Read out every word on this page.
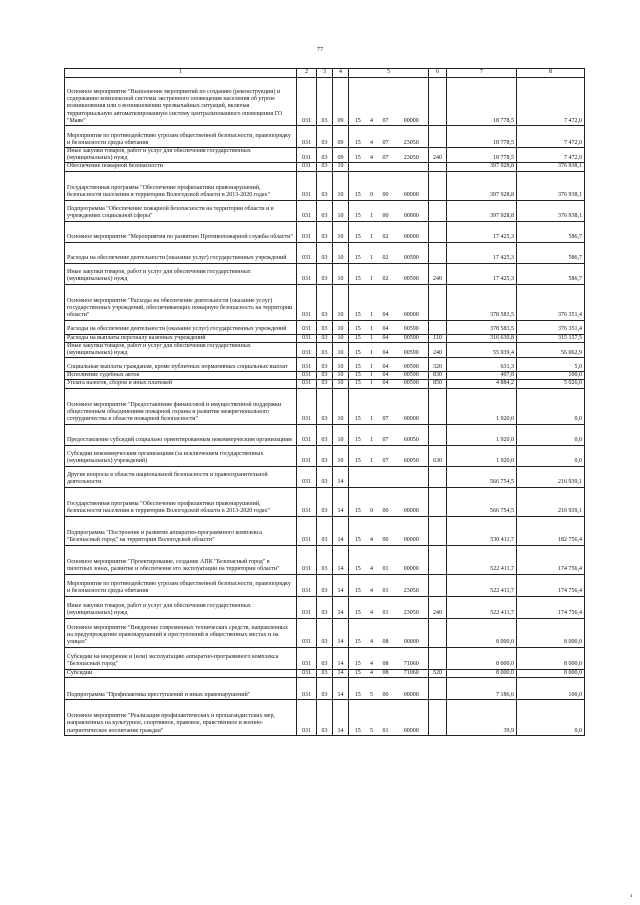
77
1	2	3	4	5				6	7	8
Основное мероприятие "Выполнение мероприятий по созданию (реконструкции) и содержанию комплексной системы экстренного оповещения населения об угрозе возникновения или о возникновении чрезвычайных ситуаций, включая территориальную автоматизированную систему централизованного оповещения ГО "Маяк"	031	03	09	15	4	07	00000		18 778,5	7 472,0
Мероприятия по противодействию угрозам общественной безопасности, правопорядку и безопасности среды обитания	031	03	09	15	4	07	23050		18 778,5	7 472,0
Иные закупки товаров, работ и услуг для обеспечения государственных (муниципальных) нужд	031	03	09	15	4	07	23050	240	18 778,5	7 472,0
Обеспечение пожарной безопасности	031	03	10						397 928,8	376 938,1
Государственная программа "Обеспечение профилактики правонарушений, безопасности населения и территории Вологодской области в 2013-2020 годах"	031	03	10	15	0	00	00000		397 928,8	376 938,1
Подпрограмма "Обеспечение пожарной безопасности на территории области и в учреждениях социальной сферы"	031	03	10	15	1	00	00000		397 928,8	376 938,1
Основное мероприятие "Мероприятия по развитию Противопожарной службы области"	031	03	10	15	1	02	00000		17 425,3	586,7
Расходы на обеспечение деятельности (оказание услуг) государственных учреждений	031	03	10	15	1	02	00590		17 425,3	586,7
Иные закупки товаров, работ и услуг для обеспечения государственных (муниципальных) нужд	031	03	10	15	1	02	00590	240	17 425,3	586,7
Основное мероприятие "Расходы на обеспечение деятельности (оказание услуг) государственных учреждений, обеспечивающих пожарную безопасность на территории области"	031	03	10	15	1	04	00000		378 583,5	376 351,4
Расходы на обеспечение деятельности (оказание услуг) государственных учреждений	031	03	10	15	1	04	00590		378 583,5	376 351,4
Расходы на выплаты персоналу казенных учреждений	031	03	10	15	1	04	00590	110	316 630,8	315 157,5
Иные закупки товаров, работ и услуг для обеспечения государственных (муниципальных) нужд	031	03	10	15	1	04	00590	240	55 939,4	56 062,9
Социальные выплаты гражданам, кроме публичных нормативных социальных выплат	031	03	10	15	1	04	00590	320	631,3	5,0
Исполнение судебных актов	031	03	10	15	1	04	00590	830	497,8	100,0
Уплата налогов, сборов и иных платежей	031	03	10	15	1	04	00590	850	4 884,2	5 026,0
Основное мероприятие "Предоставление финансовой и имущественной поддержки общественным объединениям пожарной охраны и развитие межрегионального сотрудничества в области пожарной безопасности"	031	03	10	15	1	07	00000		1 920,0	0,0
Предоставление субсидий социально ориентированным некоммерческим организациям	031	03	10	15	1	07	60050		1 920,0	0,0
Субсидии некоммерческим организациям (за исключением государственных (муниципальных) учреждений)	031	03	10	15	1	07	60050	630	1 920,0	0,0
Другие вопросы в области национальной безопасности и правоохранительной деятельности	031	03	14						566 754,5	216 939,1
Государственная программа "Обеспечение профилактики правонарушений, безопасности населения и территории Вологодской области в 2013-2020 годах"	031	03	14	15	0	00	00000		566 754,5	216 939,1
Подпрограмма "Построение и развитие аппаратно-программного комплекса "Безопасный город" на территории Вологодской области"	031	03	14	15	4	00	00000		530 411,7	182 756,4
Основное мероприятие "Проектирование, создание АПК "Безопасный город" в пилотных зонах, развитие и обеспечение его эксплуатации на территории области"	031	03	14	15	4	01	00000		522 411,7	174 756,4
Мероприятия по противодействию угрозам общественной безопасности, правопорядку и безопасности среды обитания	031	03	14	15	4	01	23050		522 411,7	174 756,4
Иные закупки товаров, работ и услуг для обеспечения государственных (муниципальных) нужд	031	03	14	15	4	01	23050	240	522 411,7	174 756,4
Основное мероприятие "Внедрение современных технических средств, направленных на предупреждение правонарушений и преступлений в общественных местах и на улицах"	031	03	14	15	4	08	00000		8 000,0	8 000,0
Субсидии на внедрение и (или) эксплуатацию аппаратно-программного комплекса "Безопасный город"	031	03	14	15	4	08	71060		8 000,0	8 000,0
Субсидии	031	03	14	15	4	08	71060	520	8 000,0	8 000,0
Подпрограмма "Профилактика преступлений и иных правонарушений"	031	03	14	15	5	00	00000		7 186,6	100,0
Основное мероприятие "Реализация профилактических и пропагандистских мер, направленных на культурное, спортивное, правовое, нравственное и военно-патриотическое воспитание граждан"	031	03	14	15	5	01	00000		39,9	0,0
ı
